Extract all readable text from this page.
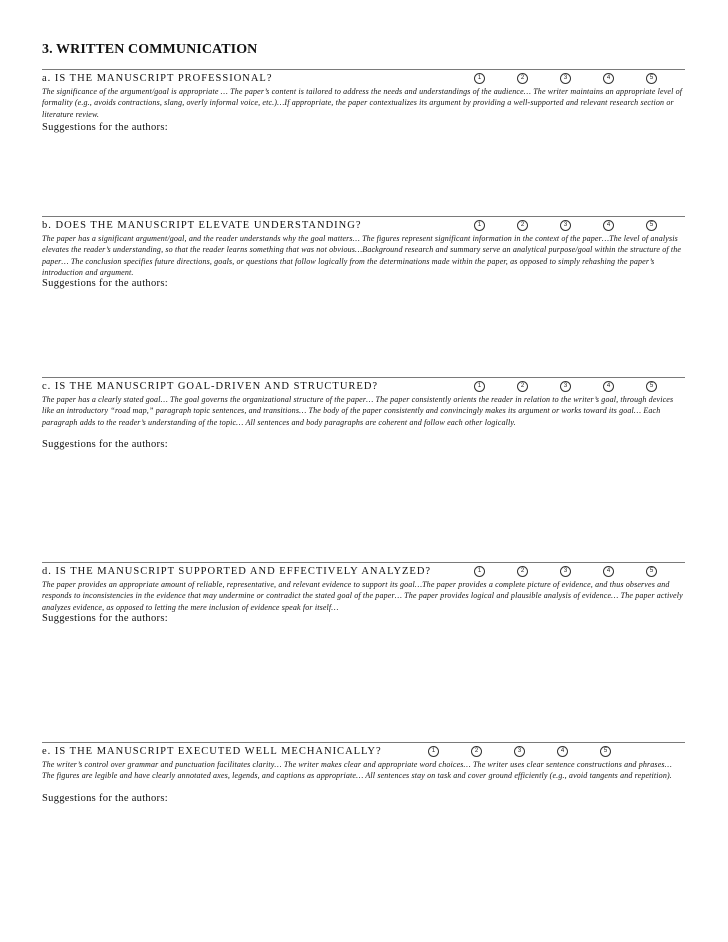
3. WRITTEN COMMUNICATION
a. IS THE MANUSCRIPT PROFESSIONAL?	1	2	3	4	5
The significance of the argument/goal is appropriate … The paper’s content is tailored to address the needs and understandings of the audience… The writer maintains an appropriate level of formality (e.g., avoids contractions, slang, overly informal voice, etc.)…If appropriate, the paper contextualizes its argument by providing a well-supported and relevant research section or literature review.
Suggestions for the authors:
b. DOES THE MANUSCRIPT ELEVATE UNDERSTANDING?	1	2	3	4	5
The paper has a significant argument/goal, and the reader understands why the goal matters… The figures represent significant information in the context of the paper…The level of analysis elevates the reader’s understanding, so that the reader learns something that was not obvious…Background research and summary serve an analytical purpose/goal within the structure of the paper… The conclusion specifies future directions, goals, or questions that follow logically from the determinations made within the paper, as opposed to simply rehashing the paper’s introduction and argument.
Suggestions for the authors:
c. IS THE MANUSCRIPT GOAL-DRIVEN AND STRUCTURED?	1	2	3	4	5
The paper has a clearly stated goal… The goal governs the organizational structure of the paper… The paper consistently orients the reader in relation to the writer’s goal, through devices like an introductory “road map,” paragraph topic sentences, and transitions… The body of the paper consistently and convincingly makes its argument or works toward its goal… Each paragraph adds to the reader’s understanding of the topic… All sentences and body paragraphs are coherent and follow each other logically.
Suggestions for the authors:
d. IS THE MANUSCRIPT SUPPORTED AND EFFECTIVELY ANALYZED?	1	2	3	4	5
The paper provides an appropriate amount of reliable, representative, and relevant evidence to support its goal…The paper provides a complete picture of evidence, and thus observes and responds to inconsistencies in the evidence that may undermine or contradict the stated goal of the paper… The paper provides logical and plausible analysis of evidence… The paper actively analyzes evidence, as opposed to letting the mere inclusion of evidence speak for itself…
Suggestions for the authors:
e. IS THE MANUSCRIPT EXECUTED WELL MECHANICALLY?	1	2	3	4	5
The writer’s control over grammar and punctuation facilitates clarity… The writer makes clear and appropriate word choices… The writer uses clear sentence constructions and phrases… The figures are legible and have clearly annotated axes, legends, and captions as appropriate… All sentences stay on task and cover ground efficiently (e.g., avoid tangents and repetition).
Suggestions for the authors:
